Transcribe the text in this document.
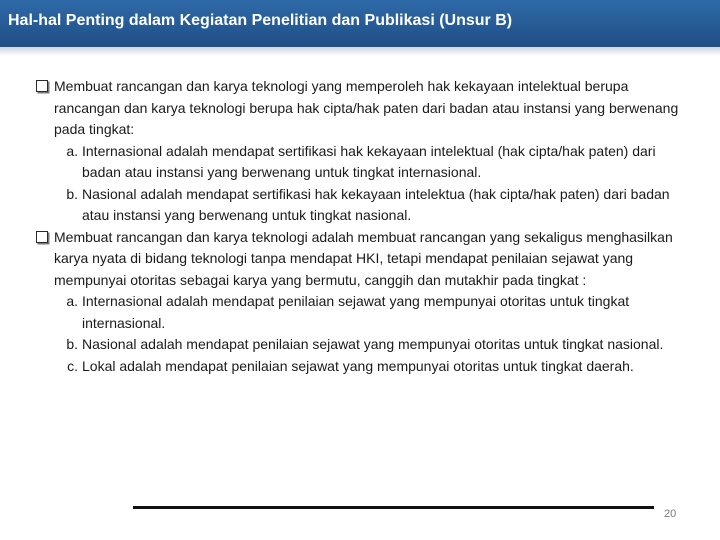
Hal-hal Penting dalam Kegiatan Penelitian dan Publikasi (Unsur B)
Membuat rancangan dan karya teknologi yang memperoleh hak kekayaan intelektual berupa rancangan dan karya teknologi berupa hak cipta/hak paten dari badan atau instansi yang berwenang pada tingkat:
a. Internasional adalah mendapat sertifikasi hak kekayaan intelektual (hak cipta/hak paten) dari badan atau instansi yang berwenang untuk tingkat internasional.
b. Nasional adalah mendapat sertifikasi hak kekayaan intelektua (hak cipta/hak paten) dari badan atau instansi yang berwenang untuk tingkat nasional.
Membuat rancangan dan karya teknologi adalah membuat rancangan yang sekaligus menghasilkan karya nyata di bidang teknologi tanpa mendapat HKI, tetapi mendapat penilaian sejawat yang mempunyai otoritas sebagai karya yang bermutu, canggih dan mutakhir pada tingkat :
a. Internasional adalah mendapat penilaian sejawat yang mempunyai otoritas untuk tingkat internasional.
b. Nasional adalah mendapat penilaian sejawat yang mempunyai otoritas untuk tingkat nasional.
c. Lokal adalah mendapat penilaian sejawat yang mempunyai otoritas untuk tingkat daerah.
20
